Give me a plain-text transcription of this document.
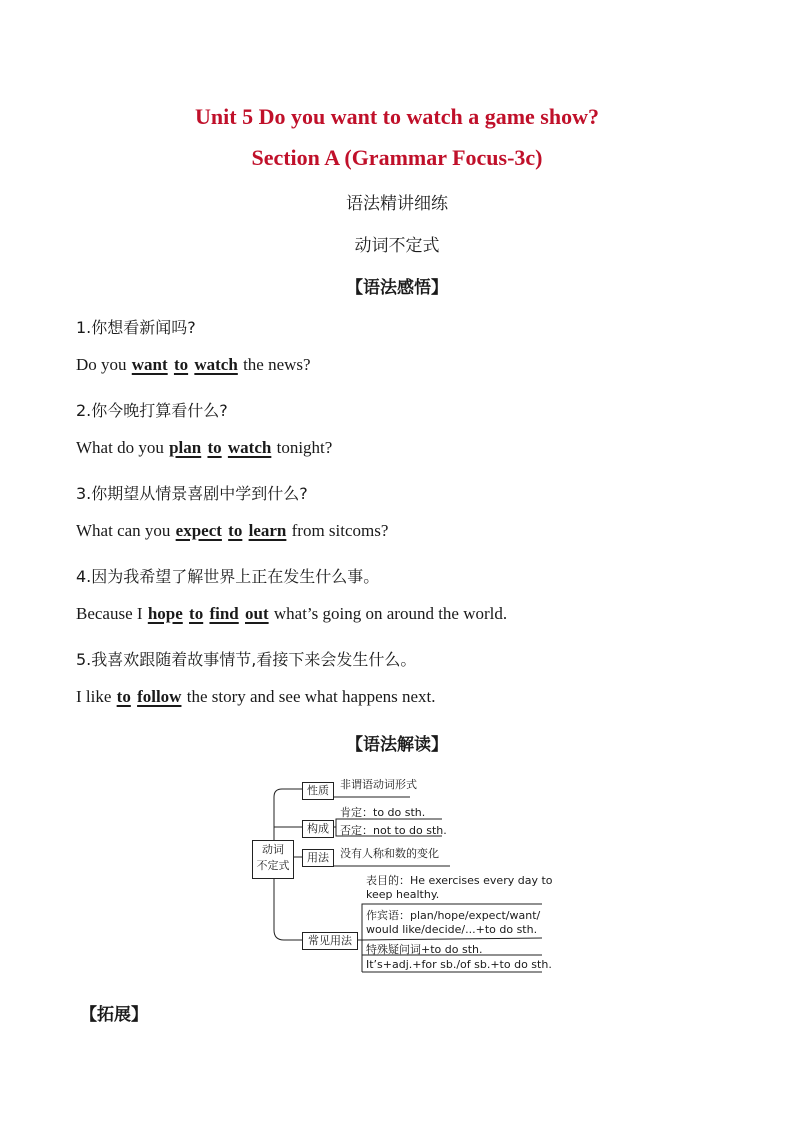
Unit 5 Do you want to watch a game show?
Section A (Grammar Focus-3c)
语法精讲细练
动词不定式
【语法感悟】
1.你想看新闻吗?
Do you want to watch the news?
2.你今晚打算看什么?
What do you plan to watch tonight?
3.你期望从情景喜剧中学到什么?
What can you expect to learn from sitcoms?
4.因为我希望了解世界上正在发生什么事。
Because I hope to find out what’s going on around the world.
5.我喜欢跟随着故事情节,看接下来会发生什么。
I like to follow the story and see what happens next.
【语法解读】
动词
不定式
性质
构成
用法
常见用法
非谓语动词形式
肯定：to do sth.
否定：not to do sth.
没有人称和数的变化
表目的：He exercises every day to
keep healthy.
作宾语：plan/hope/expect/want/
would like/decide/...+to do sth.
特殊疑问词+to do sth.
It’s+adj.+for sb./of sb.+to do sth.
【拓展】
